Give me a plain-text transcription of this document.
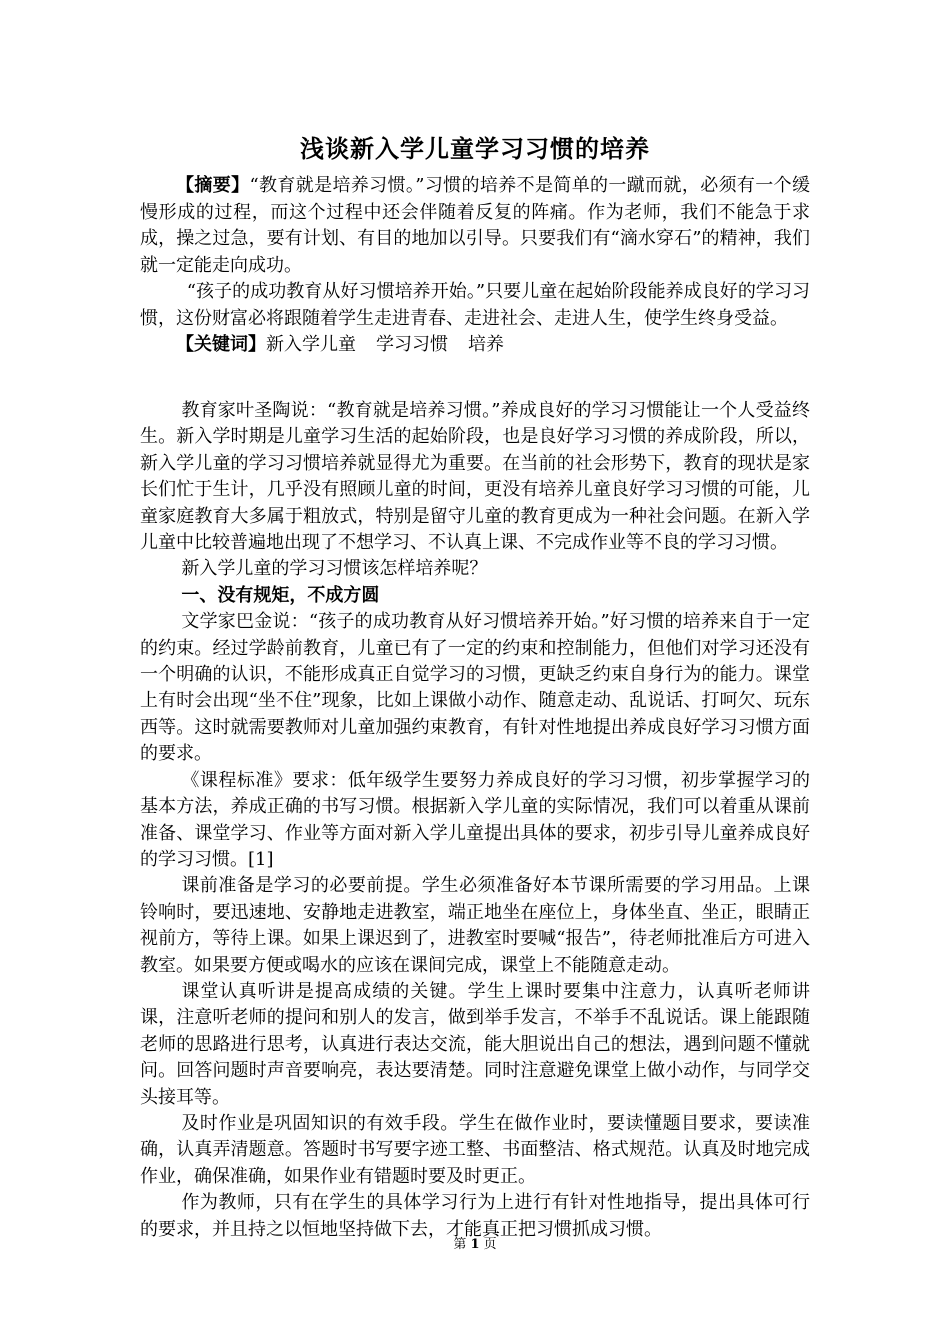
浅谈新入学儿童学习习惯的培养

【摘要】“教育就是培养习惯。”习惯的培养不是简单的一蹴而就，必须有一个缓慢形成的过程，而这个过程中还会伴随着反复的阵痛。作为老师，我们不能急于求成，操之过急，要有计划、有目的地加以引导。只要我们有“滴水穿石”的精神，我们就一定能走向成功。

“孩子的成功教育从好习惯培养开始。”只要儿童在起始阶段能养成良好的学习习惯，这份财富必将跟随着学生走进青春、走进社会、走进人生，使学生终身受益。

【关键词】新入学儿童 学习习惯 培养

教育家叶圣陶说：“教育就是培养习惯。”养成良好的学习习惯能让一个人受益终生。新入学时期是儿童学习生活的起始阶段，也是良好学习习惯的养成阶段，所以，新入学儿童的学习习惯培养就显得尤为重要。在当前的社会形势下，教育的现状是家长们忙于生计，几乎没有照顾儿童的时间，更没有培养儿童良好学习习惯的可能，儿童家庭教育大多属于粗放式，特别是留守儿童的教育更成为一种社会问题。在新入学儿童中比较普遍地出现了不想学习、不认真上课、不完成作业等不良的学习习惯。

新入学儿童的学习习惯该怎样培养呢？

一、没有规矩，不成方圆

文学家巴金说：“孩子的成功教育从好习惯培养开始。”好习惯的培养来自于一定的约束。经过学龄前教育，儿童已有了一定的约束和控制能力，但他们对学习还没有一个明确的认识，不能形成真正自觉学习的习惯，更缺乏约束自身行为的能力。课堂上有时会出现“坐不住”现象，比如上课做小动作、随意走动、乱说话、打呵欠、玩东西等。这时就需要教师对儿童加强约束教育，有针对性地提出养成良好学习习惯方面的要求。

《课程标准》要求：低年级学生要努力养成良好的学习习惯，初步掌握学习的基本方法，养成正确的书写习惯。根据新入学儿童的实际情况，我们可以着重从课前准备、课堂学习、作业等方面对新入学儿童提出具体的要求，初步引导儿童养成良好的学习习惯。[1]

课前准备是学习的必要前提。学生必须准备好本节课所需要的学习用品。上课铃响时，要迅速地、安静地走进教室，端正地坐在座位上，身体坐直、坐正，眼睛正视前方，等待上课。如果上课迟到了，进教室时要喊“报告”，待老师批准后方可进入教室。如果要方便或喝水的应该在课间完成，课堂上不能随意走动。

课堂认真听讲是提高成绩的关键。学生上课时要集中注意力，认真听老师讲课，注意听老师的提问和别人的发言，做到举手发言，不举手不乱说话。课上能跟随老师的思路进行思考，认真进行表达交流，能大胆说出自己的想法，遇到问题不懂就问。回答问题时声音要响亮，表达要清楚。同时注意避免课堂上做小动作，与同学交头接耳等。

及时作业是巩固知识的有效手段。学生在做作业时，要读懂题目要求，要读准确，认真弄清题意。答题时书写要字迹工整、书面整洁、格式规范。认真及时地完成作业，确保准确，如果作业有错题时要及时更正。

作为教师，只有在学生的具体学习行为上进行有针对性地指导，提出具体可行的要求，并且持之以恒地坚持做下去，才能真正把习惯抓成习惯。

第 1 页
